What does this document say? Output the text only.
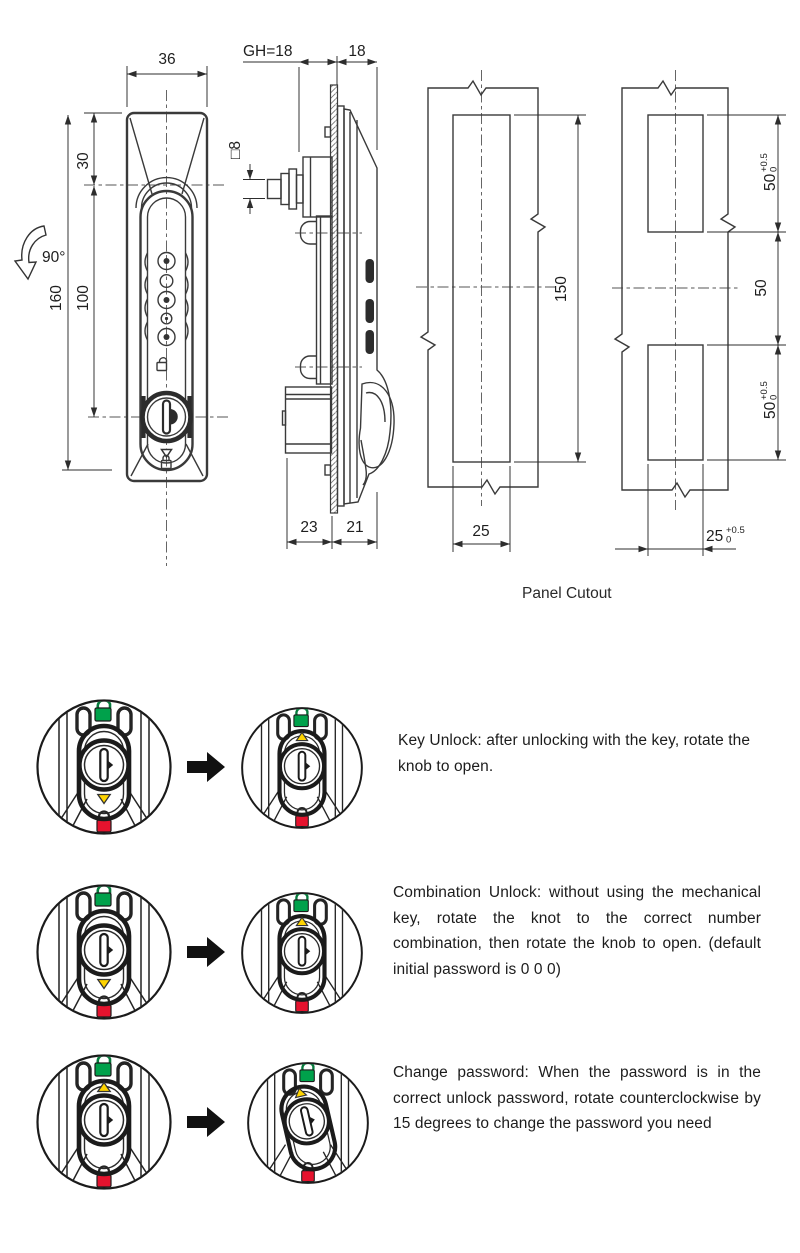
36
30
160 100
90°
GH=18	18
□8
23 21
150
25
50
+0.5
0
50
50
+0.5
0
25 +0.5
0
Panel Cutout

Key Unlock: after unlocking with the key, rotate the knob to open.

Combination Unlock: without using the mechanical key, rotate the knot to the correct number combination, then rotate the knob to open. (default initial password is 0 0 0)

Change password: When the password is in the correct unlock password, rotate counterclockwise by 15 degrees to change the password you need
